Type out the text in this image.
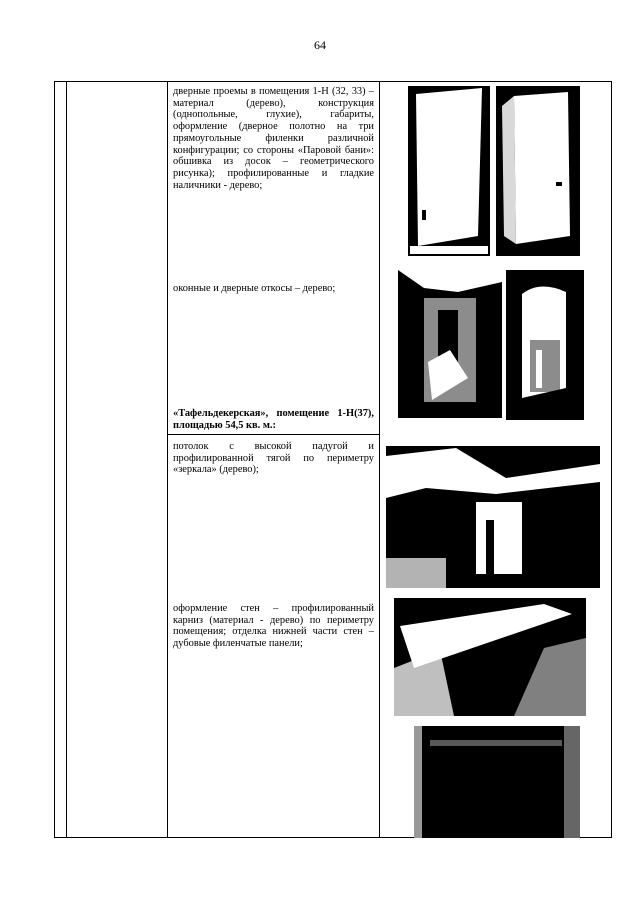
64
дверные проемы в помещения 1-Н (32, 33) – материал (дерево), конструкция (однопольные, глухие), габариты, оформление (дверное полотно на три прямоугольные филенки различной конфигурации; со стороны «Паровой бани»: обшивка из досок – геометрического рисунка); профилированные и гладкие наличники - дерево;
оконные и дверные откосы – дерево;
«Тафельдекерская», помещение 1-Н(37), площадью 54,5 кв. м.:
потолок с высокой падугой и профилированной тягой по периметру «зеркала» (дерево);
оформление стен – профилированный карниз (материал - дерево) по периметру помещения; отделка нижней части стен – дубовые филенчатые панели;
